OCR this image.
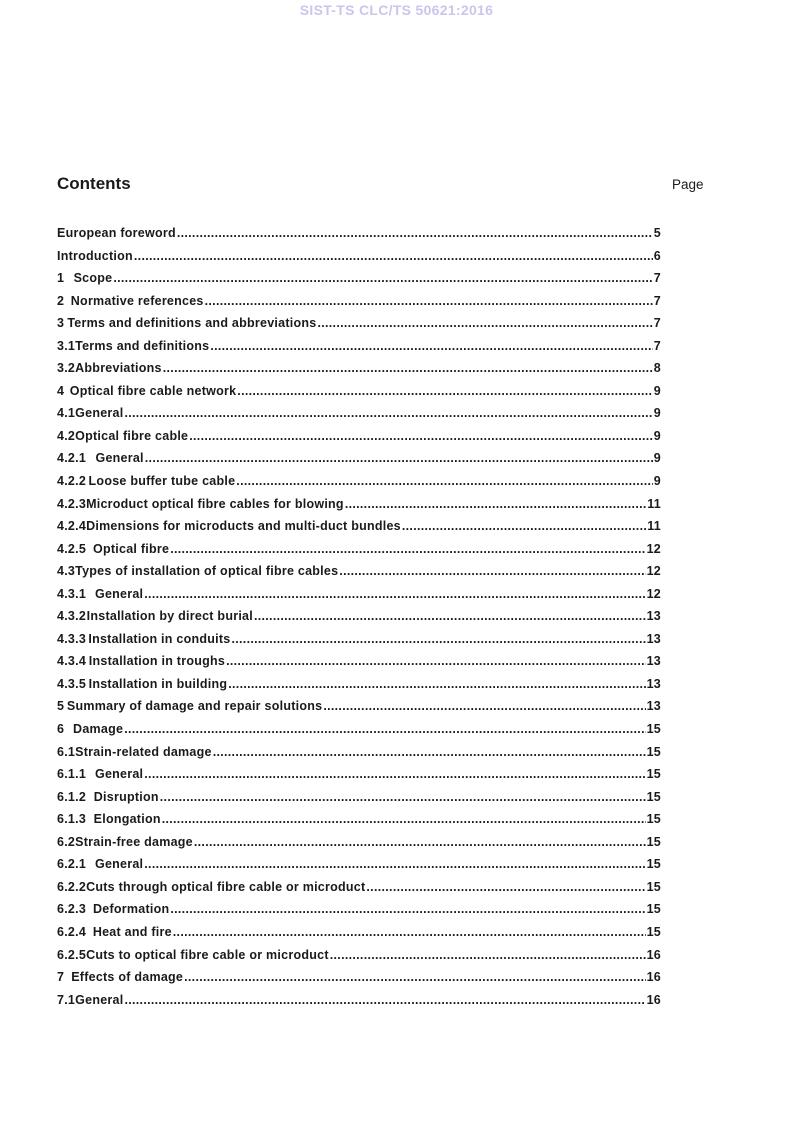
SIST-TS CLC/TS 50621:2016
Contents	Page
European foreword .....	5
Introduction .....	6
1 Scope .....	7
2 Normative references .....	7
3 Terms and definitions and abbreviations .....	7
3.1 Terms and definitions .....	7
3.2 Abbreviations .....	8
4 Optical fibre cable network .....	9
4.1 General .....	9
4.2 Optical fibre cable .....	9
4.2.1 General .....	9
4.2.2 Loose buffer tube cable .....	9
4.2.3 Microduct optical fibre cables for blowing .....	11
4.2.4 Dimensions for microducts and multi-duct bundles .....	11
4.2.5 Optical fibre .....	12
4.3 Types of installation of optical fibre cables .....	12
4.3.1 General .....	12
4.3.2 Installation by direct burial .....	13
4.3.3 Installation in conduits .....	13
4.3.4 Installation in troughs .....	13
4.3.5 Installation in building .....	13
5 Summary of damage and repair solutions .....	13
6 Damage .....	15
6.1 Strain-related damage .....	15
6.1.1 General .....	15
6.1.2 Disruption .....	15
6.1.3 Elongation .....	15
6.2 Strain-free damage .....	15
6.2.1 General .....	15
6.2.2 Cuts through optical fibre cable or microduct .....	15
6.2.3 Deformation .....	15
6.2.4 Heat and fire .....	15
6.2.5 Cuts to optical fibre cable or microduct .....	16
7 Effects of damage .....	16
7.1 General .....	16
